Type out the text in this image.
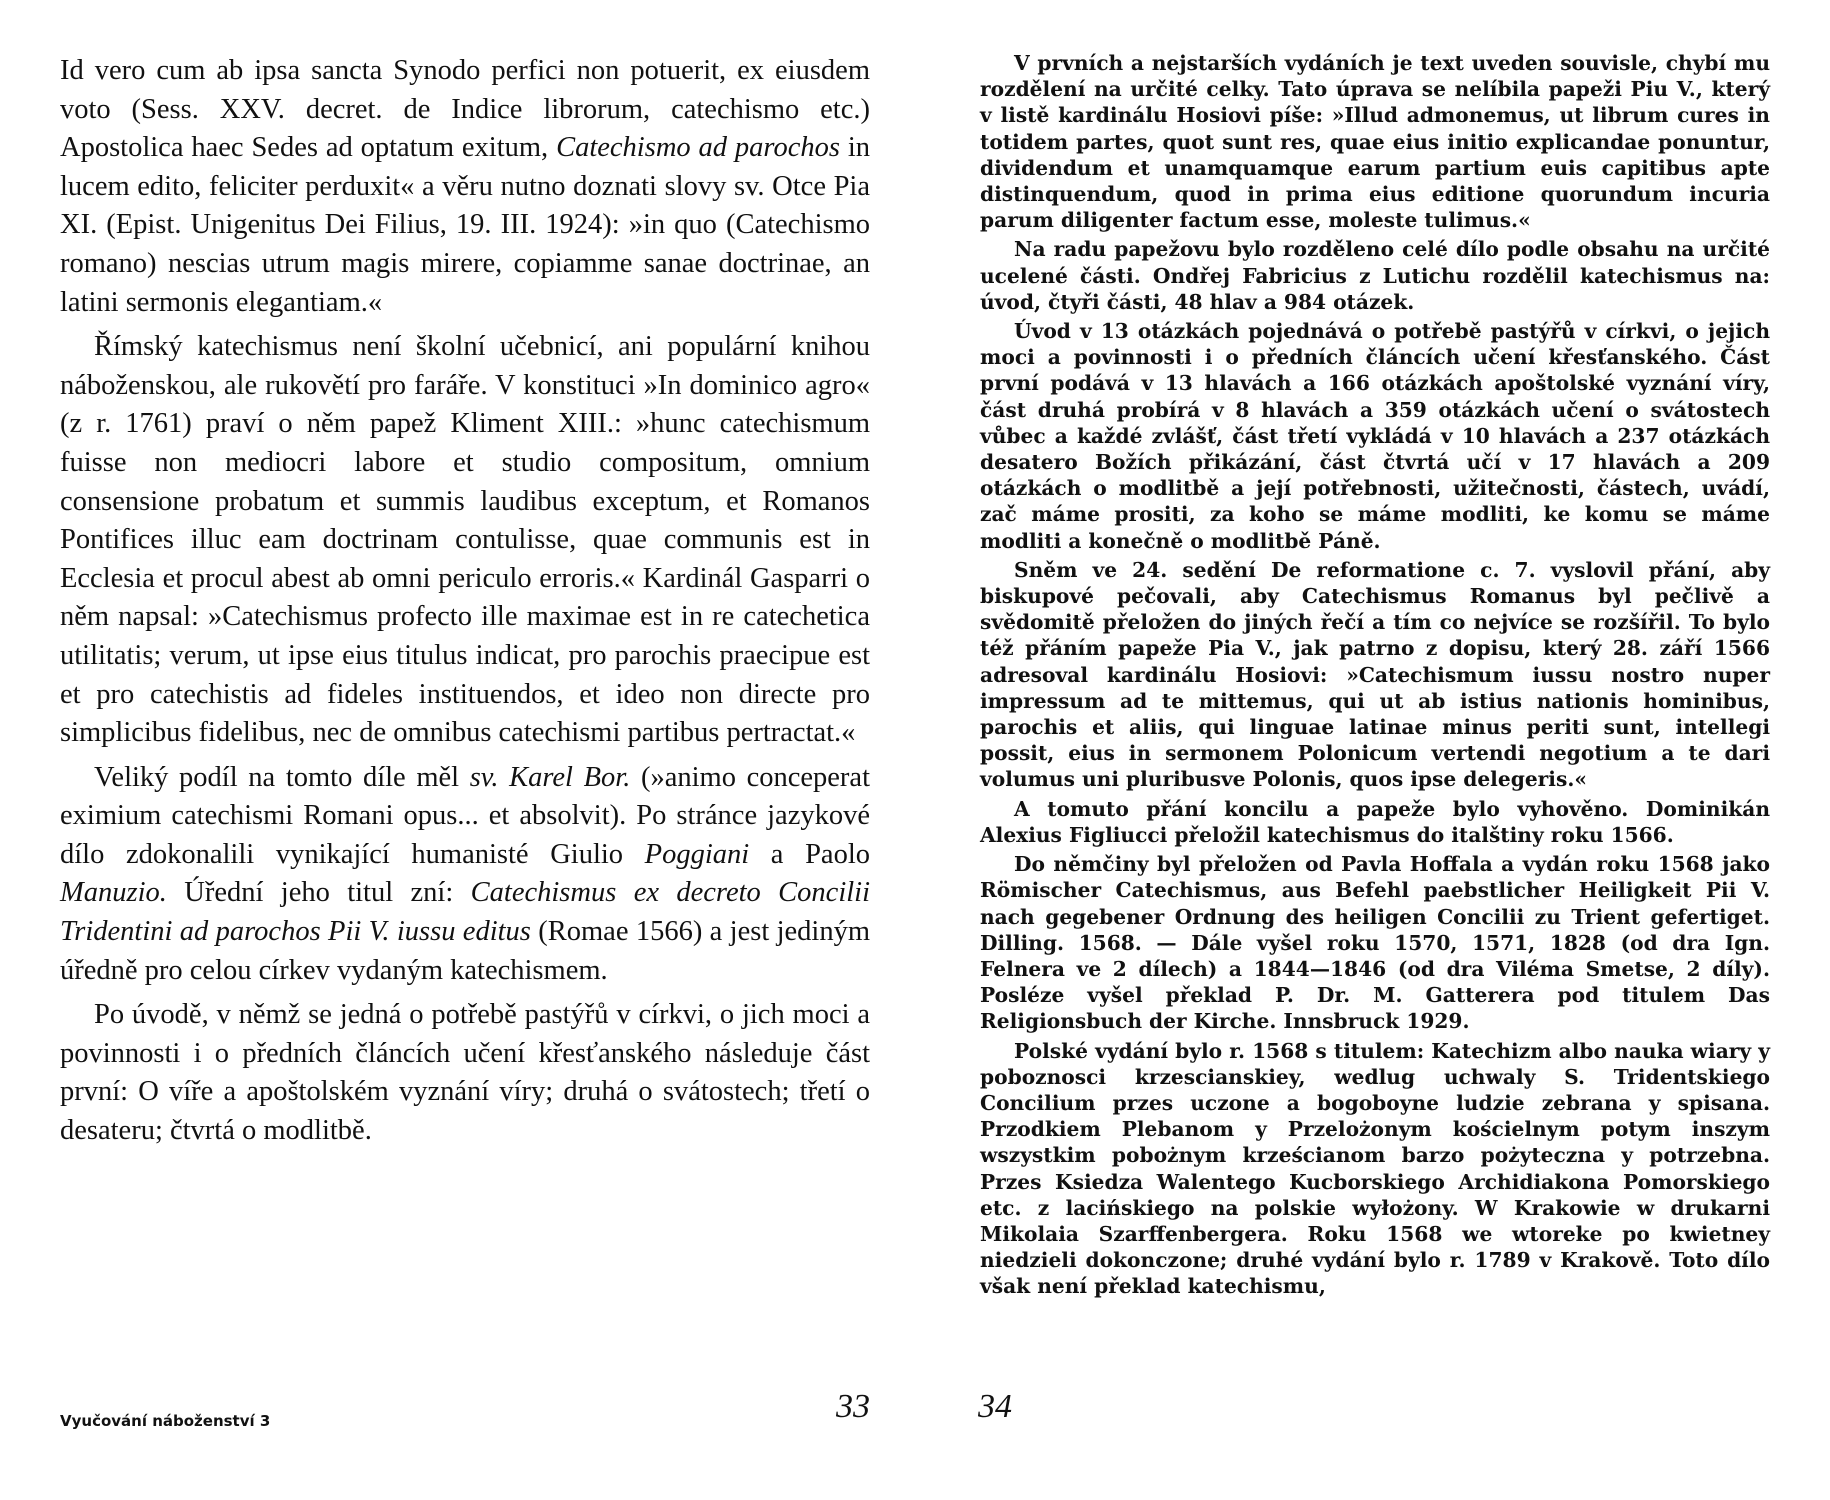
Id vero cum ab ipsa sancta Synodo perfici non potuerit, ex eiusdem voto (Sess. XXV. decret. de Indice librorum, catechismo etc.) Apostolica haec Sedes ad optatum exitum, Catechismo ad parochos in lucem edito, feliciter perduxit« a věru nutno doznati slovy sv. Otce Pia XI. (Epist. Unigenitus Dei Filius, 19. III. 1924): »in quo (Catechismo romano) nescias utrum magis mirere, copiamme sanae doctrinae, an latini sermonis elegantiam.«

Římský katechismus není školní učebnicí, ani populární knihou náboženskou, ale rukovětí pro faráře. V konstituci »In dominico agro« (z r. 1761) praví o něm papež Kliment XIII.: »hunc catechismum fuisse non mediocri labore et studio compositum, omnium consensione probatum et summis laudibus exceptum, et Romanos Pontifices illuc eam doctrinam contulisse, quae communis est in Ecclesia et procul abest ab omni periculo erroris.« Kardinál Gasparri o něm napsal: »Catechismus profecto ille maximae est in re catechetica utilitatis; verum, ut ipse eius titulus indicat, pro parochis praecipue est et pro catechistis ad fideles instituendos, et ideo non directe pro simplicibus fidelibus, nec de omnibus catechismi partibus pertractat.«

Veliký podíl na tomto díle měl sv. Karel Bor. (»animo conceperat eximium catechismi Romani opus... et absolvit). Po stránce jazykové dílo zdokonalili vynikající humanisté Giulio Poggiani a Paolo Manuzio. Úřední jeho titul zní: Catechismus ex decreto Concilii Tridentini ad parochos Pii V. iussu editus (Romae 1566) a jest jediným úředně pro celou církev vydaným katechismem.

Po úvodě, v němž se jedná o potřebě pastýřů v církvi, o jich moci a povinnosti i o předních článcích učení křesťanského následuje část první: O víře a apoštolském vyznání víry; druhá o svátostech; třetí o desateru; čtvrtá o modlitbě.

Vyučování náboženství 3	33

V prvních a nejstarších vydáních je text uveden souvisle, chybí mu rozdělení na určité celky. Tato úprava se nelíbila papeži Piu V., který v listě kardinálu Hosiovi píše: »Illud admonemus, ut librum cures in totidem partes, quot sunt res, quae eius initio explicandae ponuntur, dividendum et unamquamque earum partium euis capitibus apte distinquendum, quod in prima eius editione quorundum incuria parum diligenter factum esse, moleste tulimus.«

Na radu papežovu bylo rozděleno celé dílo podle obsahu na určité ucelené části. Ondřej Fabricius z Lutichu rozdělil katechismus na: úvod, čtyři části, 48 hlav a 984 otázek.

Úvod v 13 otázkách pojednává o potřebě pastýřů v církvi, o jejich moci a povinnosti i o předních článcích učení křesťanského. Část první podává v 13 hlavách a 166 otázkách apoštolské vyznání víry, část druhá probírá v 8 hlavách a 359 otázkách učení o svátostech vůbec a každé zvlášť, část třetí vykládá v 10 hlavách a 237 otázkách desatero Božích přikázání, část čtvrtá učí v 17 hlavách a 209 otázkách o modlitbě a její potřebnosti, užitečnosti, částech, uvádí, zač máme prositi, za koho se máme modliti, ke komu se máme modliti a konečně o modlitbě Páně.

Sněm ve 24. sedění De reformatione c. 7. vyslovil přání, aby biskupové pečovali, aby Catechismus Romanus byl pečlivě a svědomitě přeložen do jiných řečí a tím co nejvíce se rozšířil. To bylo též přáním papeže Pia V., jak patrno z dopisu, který 28. září 1566 adresoval kardinálu Hosiovi: »Catechismum iussu nostro nuper impressum ad te mittemus, qui ut ab istius nationis hominibus, parochis et aliis, qui linguae latinae minus periti sunt, intellegi possit, eius in sermonem Polonicum vertendi negotium a te dari volumus uni pluribusve Polonis, quos ipse delegeris.«

A tomuto přání koncilu a papeže bylo vyhověno. Dominikán Alexius Figliucci přeložil katechismus do italštiny roku 1566.

Do němčiny byl přeložen od Pavla Hoffala a vydán roku 1568 jako Römischer Catechismus, aus Befehl paebstlicher Heiligkeit Pii V. nach gegebener Ordnung des heiligen Concilii zu Trient gefertiget. Dilling. 1568. — Dále vyšel roku 1570, 1571, 1828 (od dra Ign. Felnera ve 2 dílech) a 1844—1846 (od dra Viléma Smetse, 2 díly). Posléze vyšel překlad P. Dr. M. Gatterera pod titulem Das Religionsbuch der Kirche. Innsbruck 1929.

Polské vydání bylo r. 1568 s titulem: Katechizm albo nauka wiary y poboznosci krzescianskiey, wedlug uchwaly S. Tridentskiego Concilium przes uczone a bogoboyne ludzie zebrana y spisana. Przodkiem Plebanom y Przelożonym kościelnym potym inszym wszystkim pobożnym krześcianom barzo pożyteczna y potrzebna. Przes Ksiedza Walentego Kucborskiego Archidiakona Pomorskiego etc. z lacińskiego na polskie wyłożony. W Krakowie w drukarni Mikolaia Szarffenbergera. Roku 1568 we wtoreke po kwietney niedzieli dokonczone; druhé vydání bylo r. 1789 v Krakově. Toto dílo však není překlad katechismu,

34
